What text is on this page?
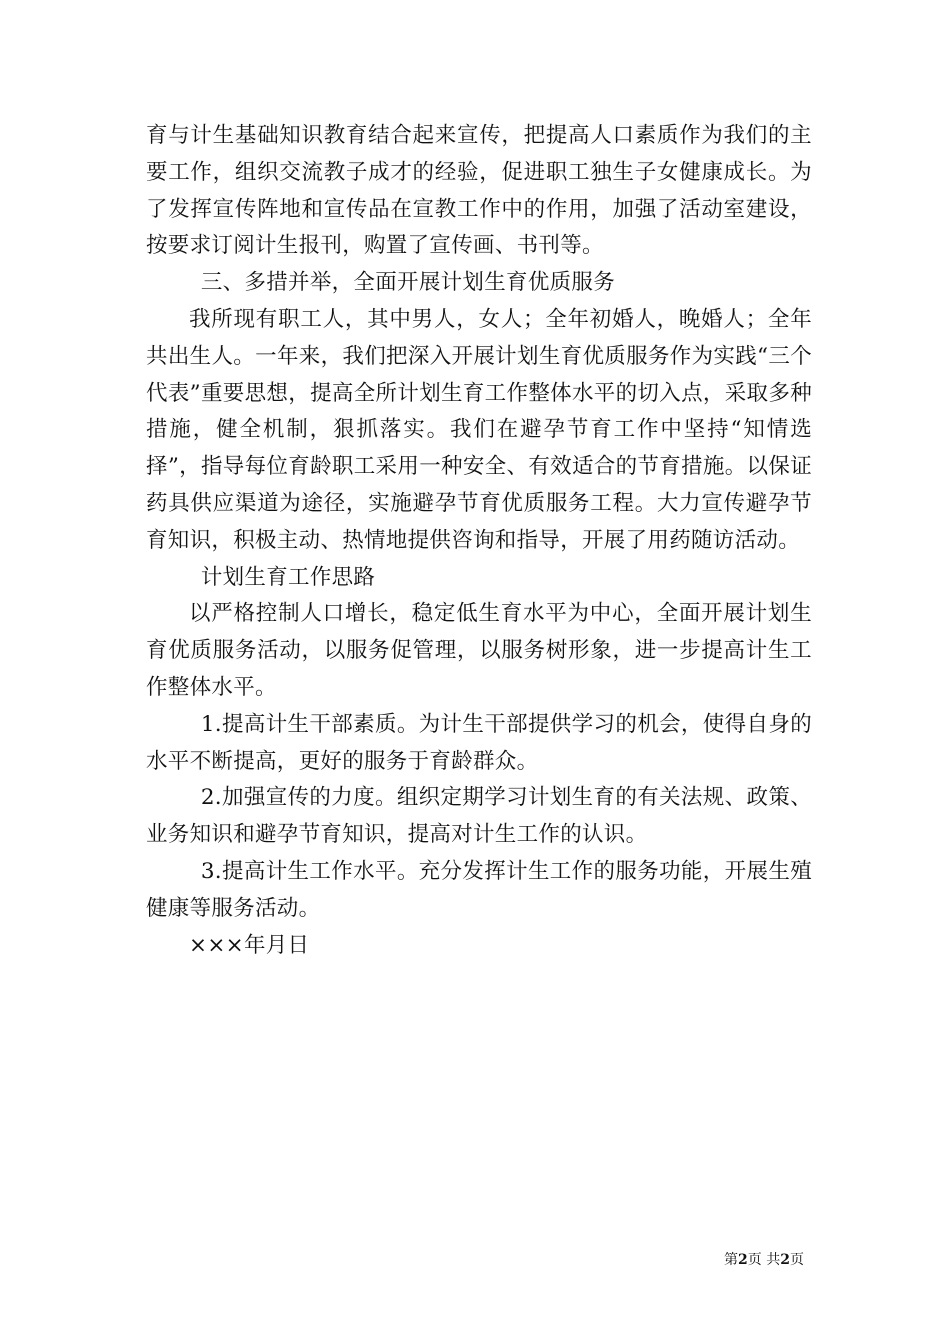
育与计生基础知识教育结合起来宣传，把提高人口素质作为我们的主要工作，组织交流教子成才的经验，促进职工独生子女健康成长。为了发挥宣传阵地和宣传品在宣教工作中的作用，加强了活动室建设，按要求订阅计生报刊，购置了宣传画、书刊等。

三、多措并举，全面开展计划生育优质服务

我所现有职工人，其中男人，女人；全年初婚人，晚婚人；全年共出生人。一年来，我们把深入开展计划生育优质服务作为实践“三个代表”重要思想，提高全所计划生育工作整体水平的切入点，采取多种措施，健全机制，狠抓落实。我们在避孕节育工作中坚持“知情选择”，指导每位育龄职工采用一种安全、有效适合的节育措施。以保证药具供应渠道为途径，实施避孕节育优质服务工程。大力宣传避孕节育知识，积极主动、热情地提供咨询和指导，开展了用药随访活动。

计划生育工作思路

以严格控制人口增长，稳定低生育水平为中心，全面开展计划生育优质服务活动，以服务促管理，以服务树形象，进一步提高计生工作整体水平。

1.提高计生干部素质。为计生干部提供学习的机会，使得自身的水平不断提高，更好的服务于育龄群众。

2.加强宣传的力度。组织定期学习计划生育的有关法规、政策、业务知识和避孕节育知识，提高对计生工作的认识。

3.提高计生工作水平。充分发挥计生工作的服务功能，开展生殖健康等服务活动。

×××年月日

第2页 共2页
